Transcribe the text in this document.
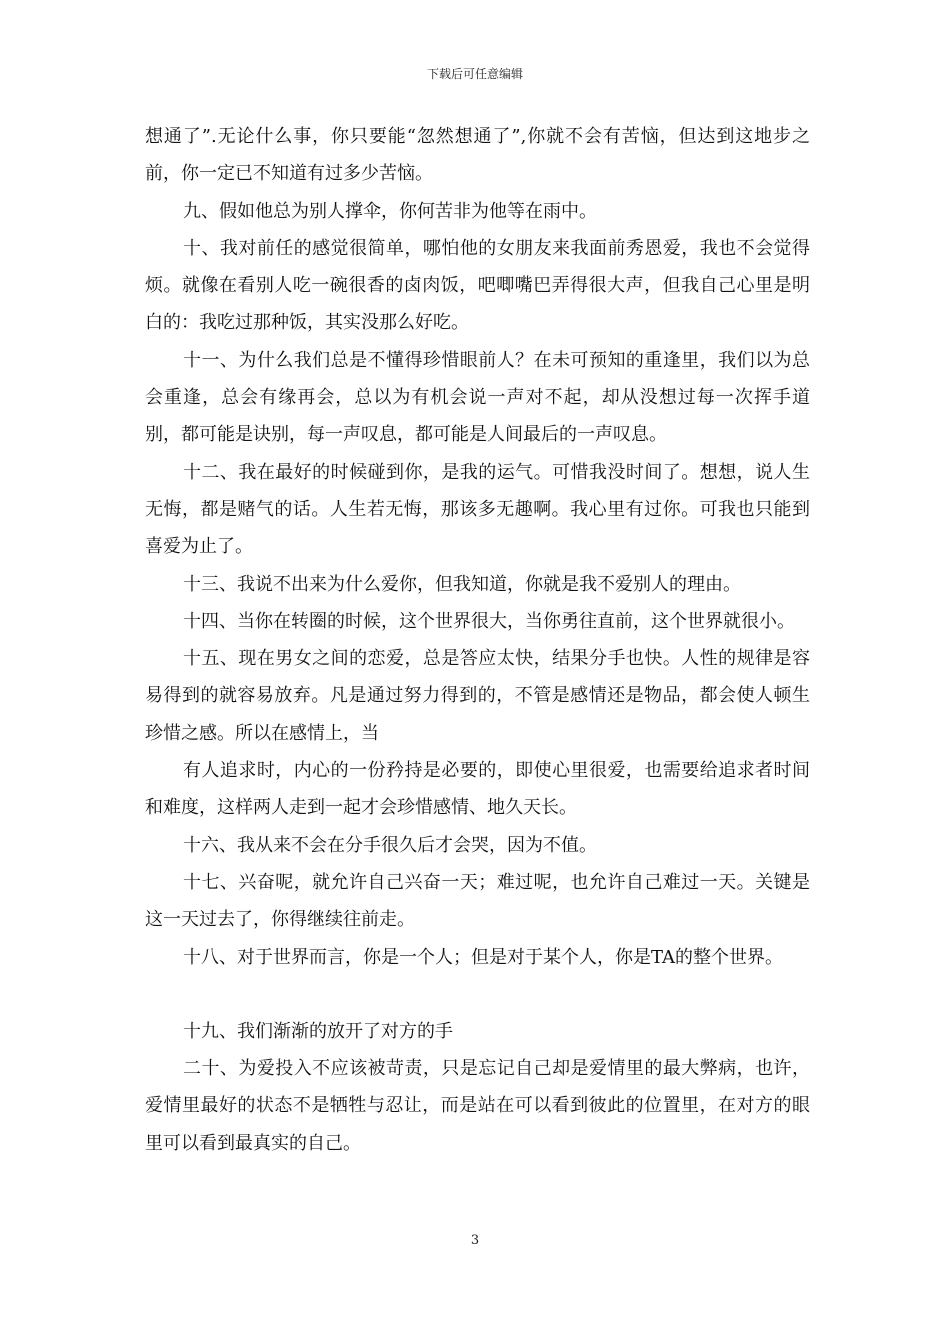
下载后可任意编辑

想通了”.无论什么事，你只要能“忽然想通了”,你就不会有苦恼，但达到这地步之前，你一定已不知道有过多少苦恼。

九、假如他总为别人撑伞，你何苦非为他等在雨中。

十、我对前任的感觉很简单，哪怕他的女朋友来我面前秀恩爱，我也不会觉得烦。就像在看别人吃一碗很香的卤肉饭，吧唧嘴巴弄得很大声，但我自己心里是明白的：我吃过那种饭，其实没那么好吃。

十一、为什么我们总是不懂得珍惜眼前人？在未可预知的重逢里，我们以为总会重逢，总会有缘再会，总以为有机会说一声对不起，却从没想过每一次挥手道别，都可能是诀别，每一声叹息，都可能是人间最后的一声叹息。

十二、我在最好的时候碰到你，是我的运气。可惜我没时间了。想想，说人生无悔，都是赌气的话。人生若无悔，那该多无趣啊。我心里有过你。可我也只能到喜爱为止了。

十三、我说不出来为什么爱你，但我知道，你就是我不爱别人的理由。

十四、当你在转圈的时候，这个世界很大，当你勇往直前，这个世界就很小。

十五、现在男女之间的恋爱，总是答应太快，结果分手也快。人性的规律是容易得到的就容易放弃。凡是通过努力得到的，不管是感情还是物品，都会使人顿生珍惜之感。所以在感情上，当

有人追求时，内心的一份矜持是必要的，即使心里很爱，也需要给追求者时间和难度，这样两人走到一起才会珍惜感情、地久天长。

十六、我从来不会在分手很久后才会哭，因为不值。

十七、兴奋呢，就允许自己兴奋一天；难过呢，也允许自己难过一天。关键是这一天过去了，你得继续往前走。

十八、对于世界而言，你是一个人；但是对于某个人，你是TA的整个世界。

十九、我们渐渐的放开了对方的手

二十、为爱投入不应该被苛责，只是忘记自己却是爱情里的最大弊病，也许，爱情里最好的状态不是牺牲与忍让，而是站在可以看到彼此的位置里，在对方的眼里可以看到最真实的自己。

3
